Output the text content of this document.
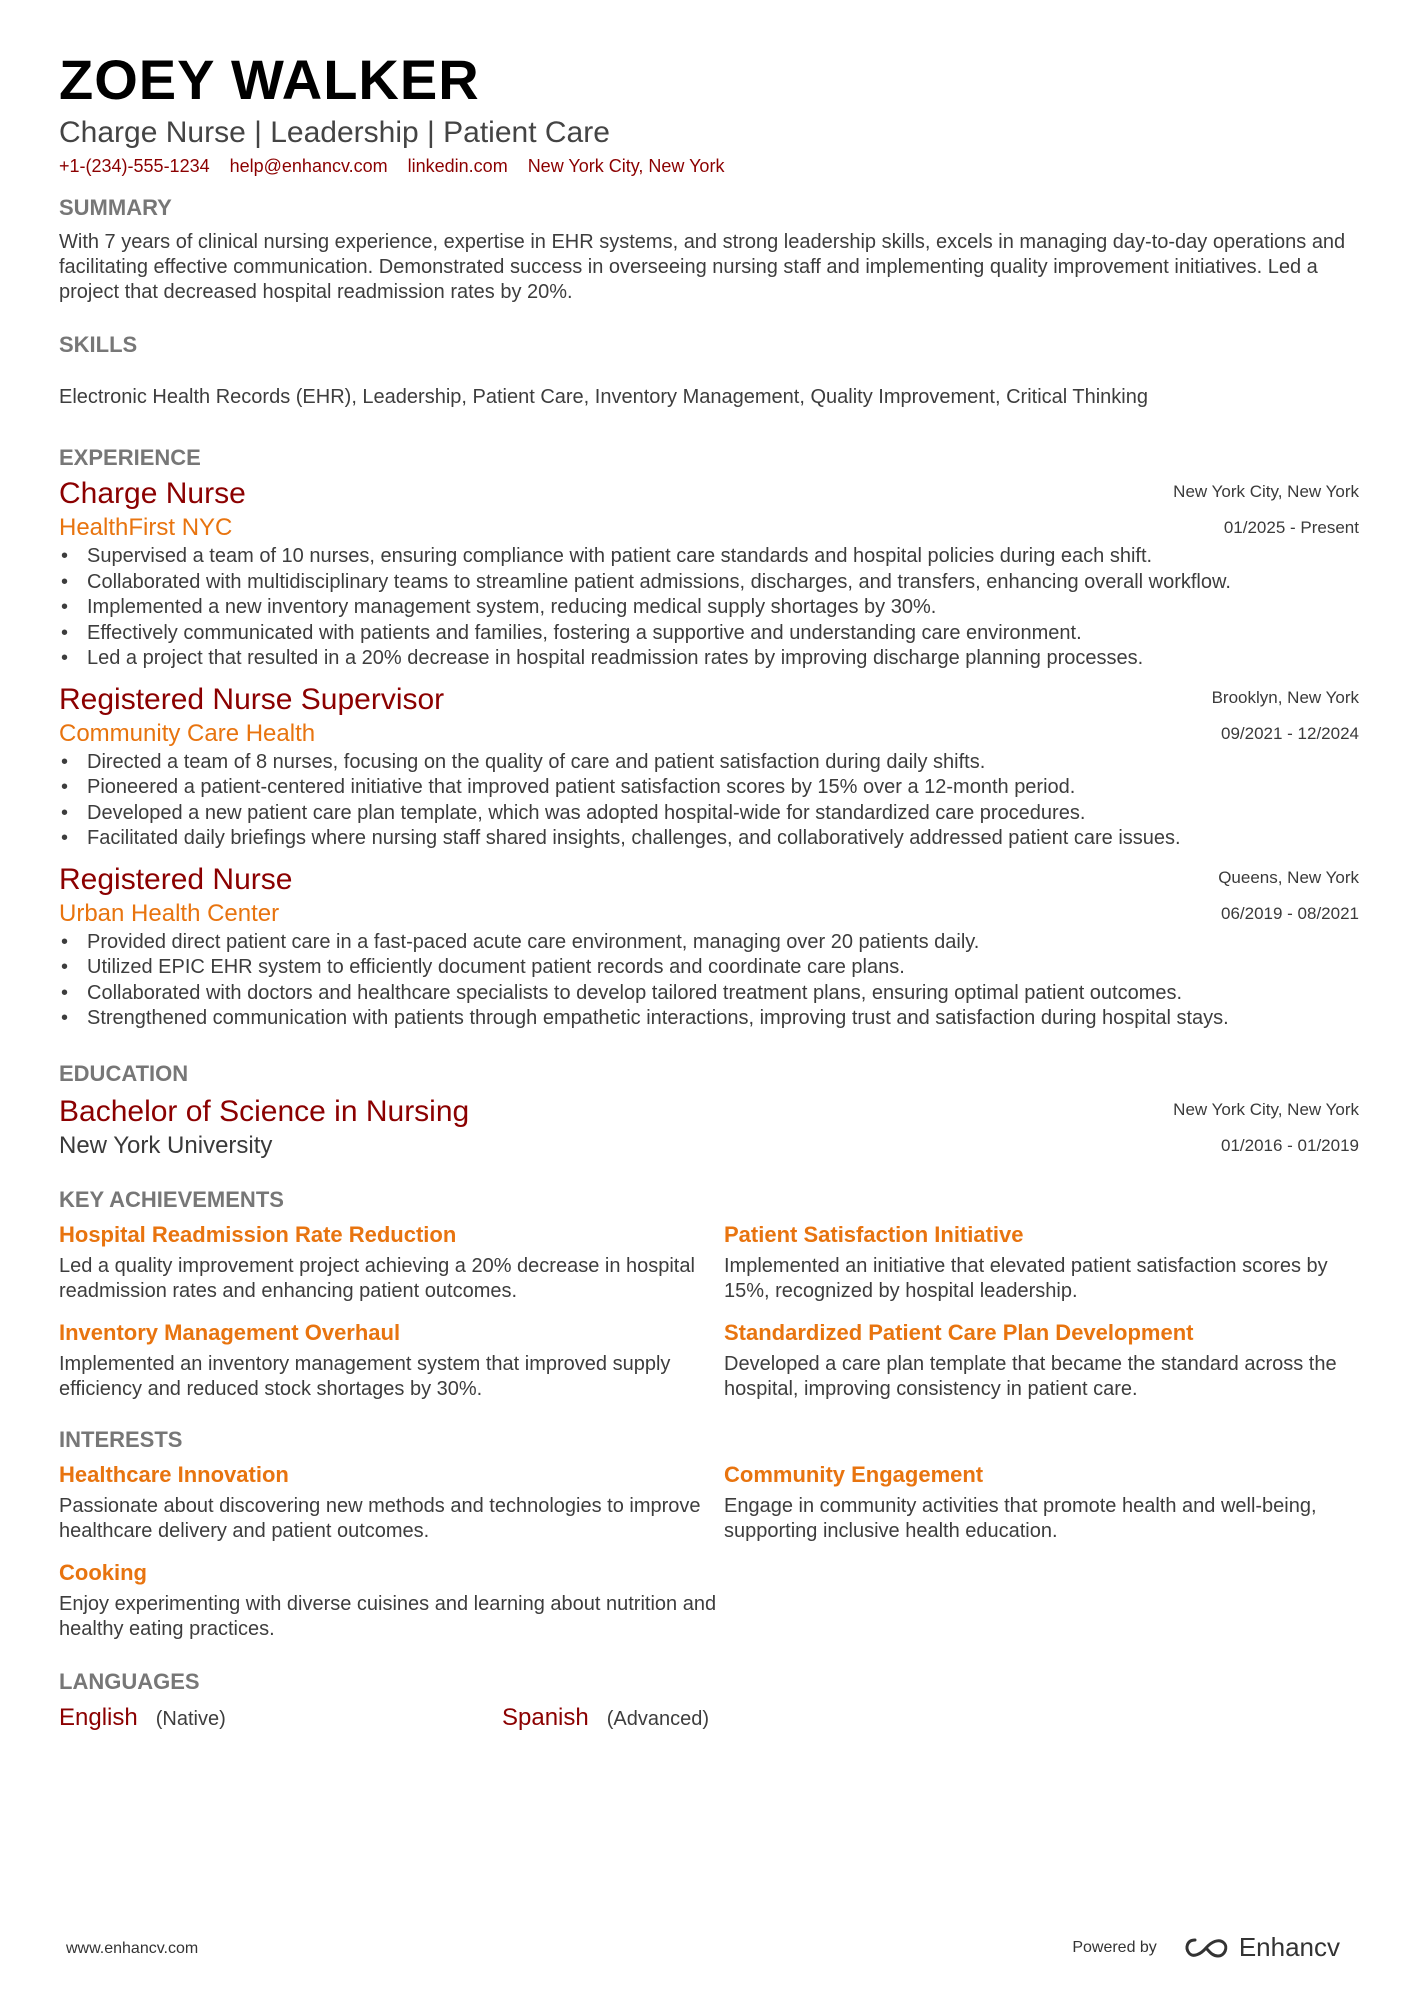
ZOEY WALKER
Charge Nurse | Leadership | Patient Care
+1-(234)-555-1234 help@enhancv.com linkedin.com New York City, New York
SUMMARY
With 7 years of clinical nursing experience, expertise in EHR systems, and strong leadership skills, excels in managing day-to-day operations and facilitating effective communication. Demonstrated success in overseeing nursing staff and implementing quality improvement initiatives. Led a project that decreased hospital readmission rates by 20%.
SKILLS
Electronic Health Records (EHR), Leadership, Patient Care, Inventory Management, Quality Improvement, Critical Thinking
EXPERIENCE
Charge Nurse
HealthFirst NYC
New York City, New York
01/2025 - Present
• Supervised a team of 10 nurses, ensuring compliance with patient care standards and hospital policies during each shift.
• Collaborated with multidisciplinary teams to streamline patient admissions, discharges, and transfers, enhancing overall workflow.
• Implemented a new inventory management system, reducing medical supply shortages by 30%.
• Effectively communicated with patients and families, fostering a supportive and understanding care environment.
• Led a project that resulted in a 20% decrease in hospital readmission rates by improving discharge planning processes.
Registered Nurse Supervisor
Community Care Health
Brooklyn, New York
09/2021 - 12/2024
• Directed a team of 8 nurses, focusing on the quality of care and patient satisfaction during daily shifts.
• Pioneered a patient-centered initiative that improved patient satisfaction scores by 15% over a 12-month period.
• Developed a new patient care plan template, which was adopted hospital-wide for standardized care procedures.
• Facilitated daily briefings where nursing staff shared insights, challenges, and collaboratively addressed patient care issues.
Registered Nurse
Urban Health Center
Queens, New York
06/2019 - 08/2021
• Provided direct patient care in a fast-paced acute care environment, managing over 20 patients daily.
• Utilized EPIC EHR system to efficiently document patient records and coordinate care plans.
• Collaborated with doctors and healthcare specialists to develop tailored treatment plans, ensuring optimal patient outcomes.
• Strengthened communication with patients through empathetic interactions, improving trust and satisfaction during hospital stays.
EDUCATION
Bachelor of Science in Nursing
New York University
New York City, New York
01/2016 - 01/2019
KEY ACHIEVEMENTS
Hospital Readmission Rate Reduction
Led a quality improvement project achieving a 20% decrease in hospital readmission rates and enhancing patient outcomes.
Patient Satisfaction Initiative
Implemented an initiative that elevated patient satisfaction scores by 15%, recognized by hospital leadership.
Inventory Management Overhaul
Implemented an inventory management system that improved supply efficiency and reduced stock shortages by 30%.
Standardized Patient Care Plan Development
Developed a care plan template that became the standard across the hospital, improving consistency in patient care.
INTERESTS
Healthcare Innovation
Passionate about discovering new methods and technologies to improve healthcare delivery and patient outcomes.
Community Engagement
Engage in community activities that promote health and well-being, supporting inclusive health education.
Cooking
Enjoy experimenting with diverse cuisines and learning about nutrition and healthy eating practices.
LANGUAGES
English (Native)	Spanish (Advanced)
www.enhancv.com	Powered by	Enhancv
